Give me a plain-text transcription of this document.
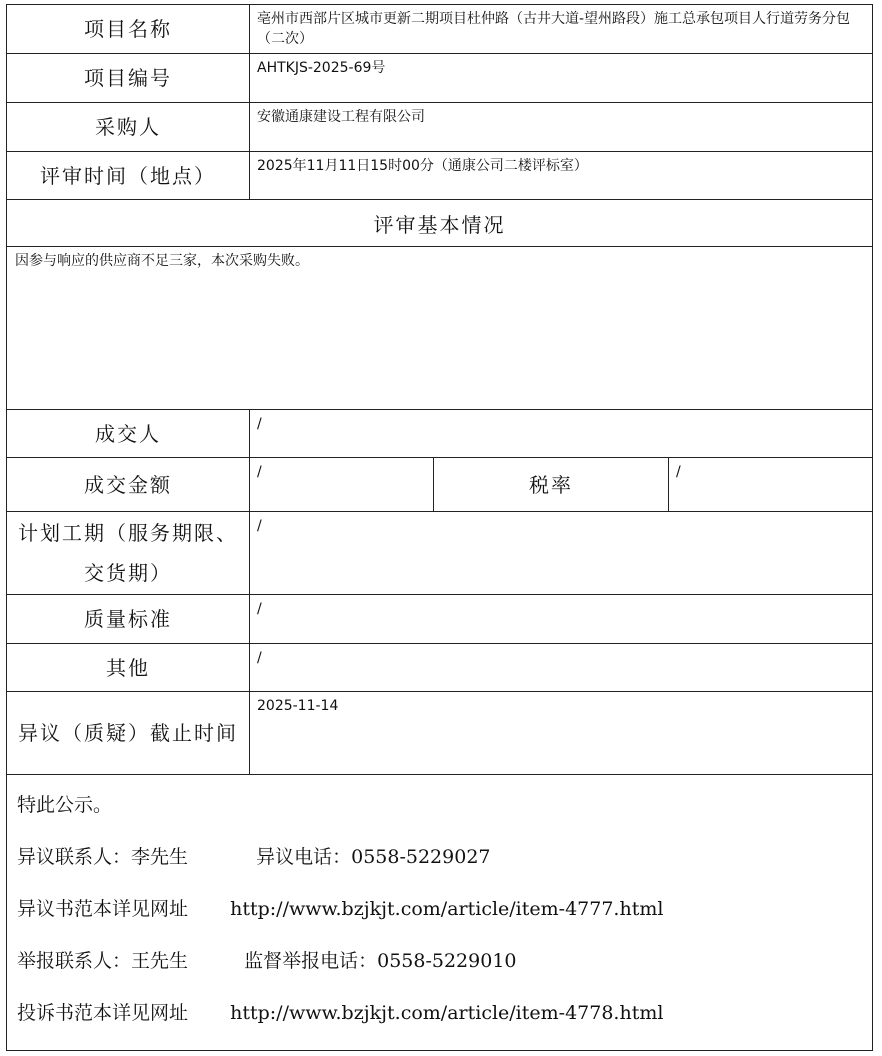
项目名称	亳州市西部片区城市更新二期项目杜仲路（古井大道-望州路段）施工总承包项目人行道劳务分包（二次）		
项目编号	AHTKJS-2025-69号		
采购人	安徽通康建设工程有限公司		
评审时间（地点）	2025年11月11日15时00分（通康公司二楼评标室）		
评审基本情况			
因参与响应的供应商不足三家，本次采购失败。			
成交人	/		
成交金额	/	税率	/
计划工期（服务期限、交货期）	/		
质量标准	/		
其他	/		
异议（质疑）截止时间	2025-11-14		

特此公示。
异议联系人：李先生 异议电话：0558-5229027
异议书范本详见网址 http://www.bzjkjt.com/article/item-4777.html
举报联系人：王先生 监督举报电话：0558-5229010
投诉书范本详见网址 http://www.bzjkjt.com/article/item-4778.html			
